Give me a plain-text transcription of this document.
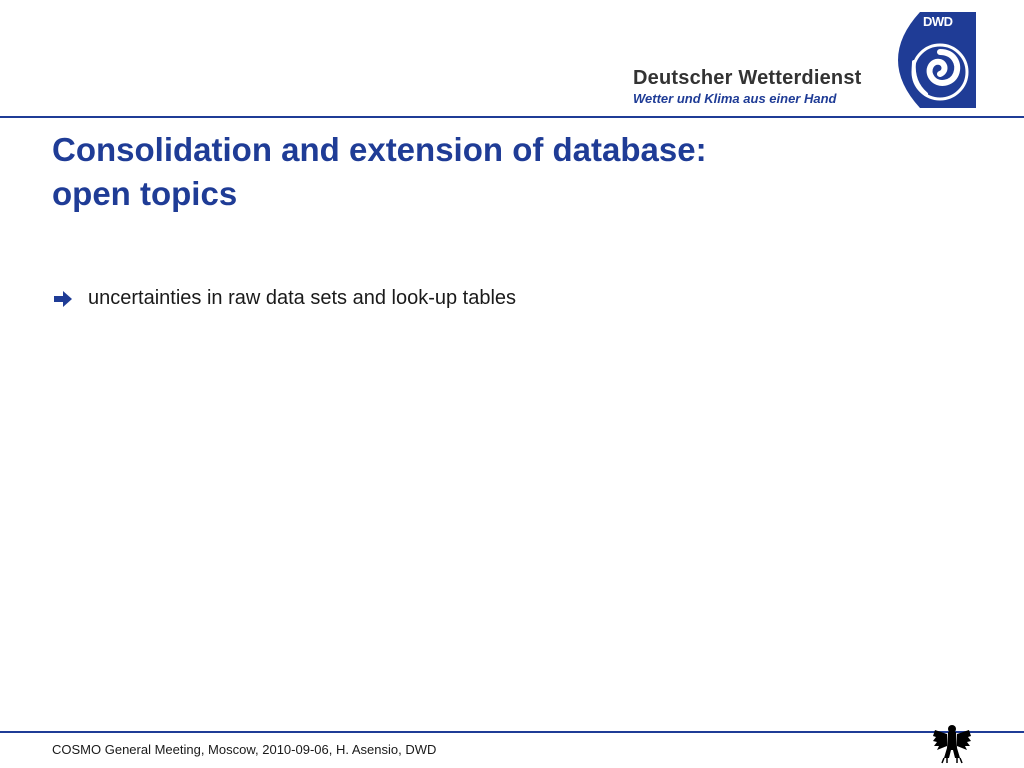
Deutscher Wetterdienst
Wetter und Klima aus einer Hand
DWD
Consolidation and extension of database:
open topics
uncertainties in raw data sets and look-up tables
COSMO General Meeting, Moscow, 2010-09-06, H. Asensio, DWD
